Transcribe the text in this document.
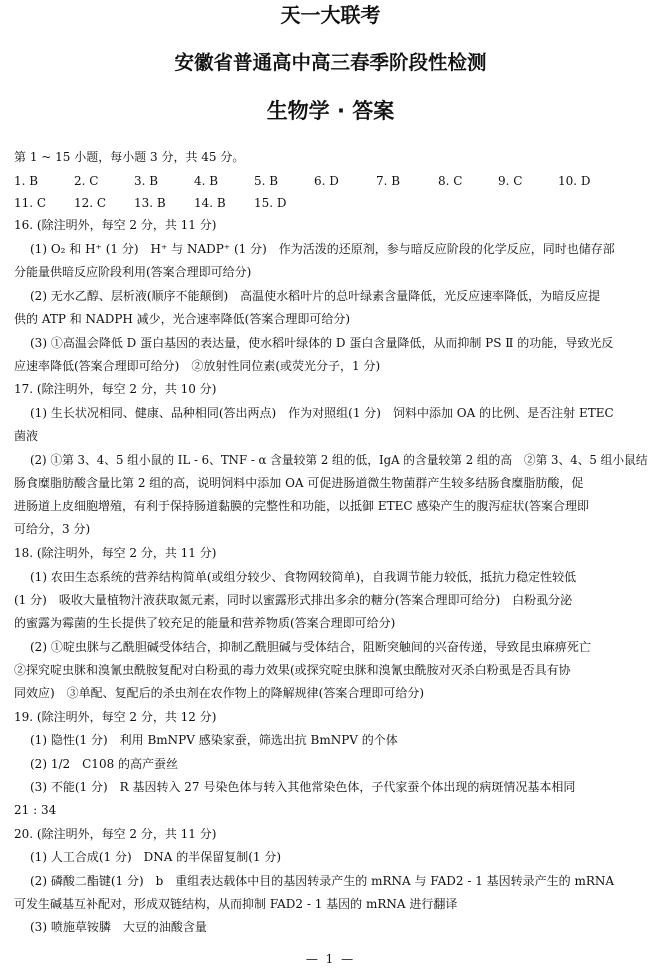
天一大联考
安徽省普通高中高三春季阶段性检测
生物学 · 答案
第 1 ~ 15 小题，每小题 3 分，共 45 分。
1. B	2. C	3. B	4. B	5. B	6. D	7. B	8. C	9. C	10. D
11. C 12. C 13. B 14. B 15. D
16. (除注明外，每空 2 分，共 11 分)
(1) O₂ 和 H⁺ (1 分)　H⁺ 与 NADP⁺ (1 分)　作为活泼的还原剂，参与暗反应阶段的化学反应，同时也储存部
分能量供暗反应阶段利用(答案合理即可给分)
(2) 无水乙醇、层析液(顺序不能颠倒)　高温使水稻叶片的总叶绿素含量降低，光反应速率降低，为暗反应提
供的 ATP 和 NADPH 减少，光合速率降低(答案合理即可给分)
(3) ①高温会降低 D 蛋白基因的表达量，使水稻叶绿体的 D 蛋白含量降低，从而抑制 PS Ⅱ 的功能，导致光反
应速率降低(答案合理即可给分)　②放射性同位素(或荧光分子，1 分)
17. (除注明外，每空 2 分，共 10 分)
(1) 生长状况相同、健康、品种相同(答出两点)　作为对照组(1 分)　饲料中添加 OA 的比例、是否注射 ETEC
菌液
(2) ①第 3、4、5 组小鼠的 IL - 6、TNF - α 含量较第 2 组的低，IgA 的含量较第 2 组的高　②第 3、4、5 组小鼠结
肠食糜脂肪酸含量比第 2 组的高，说明饲料中添加 OA 可促进肠道微生物菌群产生较多结肠食糜脂肪酸，促
进肠道上皮细胞增殖，有利于保持肠道黏膜的完整性和功能，以抵御 ETEC 感染产生的腹泻症状(答案合理即
可给分，3 分)
18. (除注明外，每空 2 分，共 11 分)
(1) 农田生态系统的营养结构简单(或组分较少、食物网较简单)，自我调节能力较低，抵抗力稳定性较低
(1 分)　吸收大量植物汁液获取氮元素，同时以蜜露形式排出多余的糖分(答案合理即可给分)　白粉虱分泌
的蜜露为霉菌的生长提供了较充足的能量和营养物质(答案合理即可给分)
(2) ①啶虫脒与乙酰胆碱受体结合，抑制乙酰胆碱与受体结合，阻断突触间的兴奋传递，导致昆虫麻痹死亡
②探究啶虫脒和溴氰虫酰胺复配对白粉虱的毒力效果(或探究啶虫脒和溴氰虫酰胺对灭杀白粉虱是否具有协
同效应)　③单配、复配后的杀虫剂在农作物上的降解规律(答案合理即可给分)
19. (除注明外，每空 2 分，共 12 分)
(1) 隐性(1 分)　利用 BmNPV 感染家蚕，筛选出抗 BmNPV 的个体
(2) 1/2　C108 的高产蚕丝
(3) 不能(1 分)　R 基因转入 27 号染色体与转入其他常染色体，子代家蚕个体出现的病斑情况基本相同
21 : 34
20. (除注明外，每空 2 分，共 11 分)
(1) 人工合成(1 分)　DNA 的半保留复制(1 分)
(2) 磷酸二酯键(1 分)　b　重组表达载体中目的基因转录产生的 mRNA 与 FAD2 - 1 基因转录产生的 mRNA
可发生碱基互补配对，形成双链结构，从而抑制 FAD2 - 1 基因的 mRNA 进行翻译
(3) 喷施草铵膦　大豆的油酸含量
— 1 —
